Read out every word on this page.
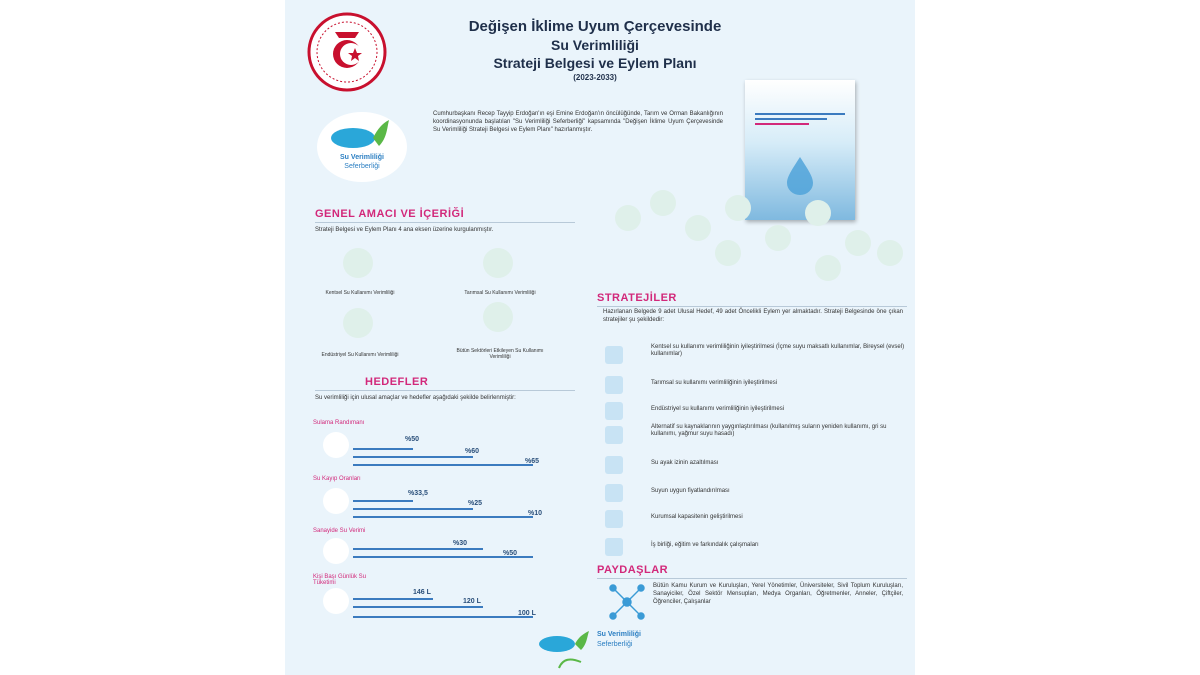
Değişen İklime Uyum Çerçevesinde
Su Verimliliği
Strateji Belgesi ve Eylem Planı
(2023-2033)
Su Verimliliği
Seferberliği
Cumhurbaşkanı Recep Tayyip Erdoğan'ın eşi Emine Erdoğan'ın öncülüğünde, Tarım ve Orman Bakanlığının koordinasyonunda başlatılan "Su Verimliliği Seferberliği" kapsamında "Değişen İklime Uyum Çerçevesinde Su Verimliliği Strateji Belgesi ve Eylem Planı" hazırlanmıştır.
GENEL AMACI VE İÇERİĞİ
Strateji Belgesi ve Eylem Planı 4 ana eksen üzerine kurgulanmıştır.
Kentsel Su Kullanımı Verimliliği	Tarımsal Su Kullanımı Verimliliği
Endüstriyel Su Kullanımı Verimliliği
Bütün Sektörleri Etkileyen Su Kullanımı Verimliliği
HEDEFLER
Su verimliliği için ulusal amaçlar ve hedefler aşağıdaki şekilde belirlenmiştir:
Sulama Randımanı
%50
%60
%65
Su Kayıp Oranları
%33,5
%25
%10
Sanayide Su Verimi
%30
%50
Kişi Başı Günlük Su Tüketimi
146 L
120 L
100 L
STRATEJİLER
Hazırlanan Belgede 9 adet Ulusal Hedef, 49 adet Öncelikli Eylem yer almaktadır. Strateji Belgesinde öne çıkan stratejiler şu şekildedir:
Kentsel su kullanımı verimliliğinin iyileştirilmesi (İçme suyu maksatlı kullanımlar, Bireysel (evsel) kullanımlar)
Tarımsal su kullanımı verimliliğinin iyileştirilmesi
Endüstriyel su kullanımı verimliliğinin iyileştirilmesi
Alternatif su kaynaklarının yaygınlaştırılması (kullanılmış suların yeniden kullanımı, gri su kullanımı, yağmur suyu hasadı)
Su ayak izinin azaltılması
Suyun uygun fiyatlandırılması
Kurumsal kapasitenin geliştirilmesi
İş birliği, eğitim ve farkındalık çalışmaları
PAYDAŞLAR
Bütün Kamu Kurum ve Kuruluşları, Yerel Yönetimler, Üniversiteler, Sivil Toplum Kuruluşları, Sanayiciler, Özel Sektör Mensupları, Medya Organları, Öğretmenler, Anneler, Çiftçiler, Öğrenciler, Çalışanlar
Su Verimliliği
Seferberliği
